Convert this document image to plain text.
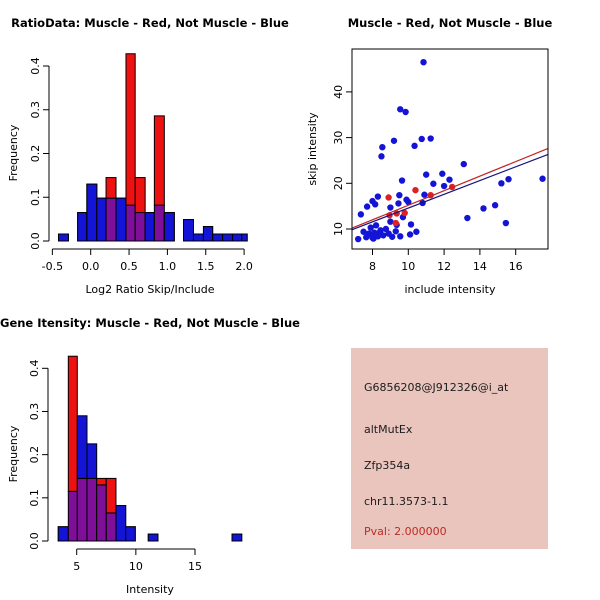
-0.5 0.0 0.5 1.0 1.5 2.0
0.0
0.1
0.2
0.3
0.4
RatioData: Muscle - Red, Not Muscle - Blue
Log2 Ratio Skip/Include
Frequency
8 10 12 14 16
10
20
30
40
Muscle - Red, Not Muscle - Blue
include intensity
skip intensity
5	10	15
0.0
0.1
0.2
0.3
0.4
Gene Itensity: Muscle - Red, Not Muscle - Blue
Intensity
Frequency
G6856208@J912326@i_at
altMutEx
Zfp354a
chr11.3573-1.1
Pval: 2.000000
